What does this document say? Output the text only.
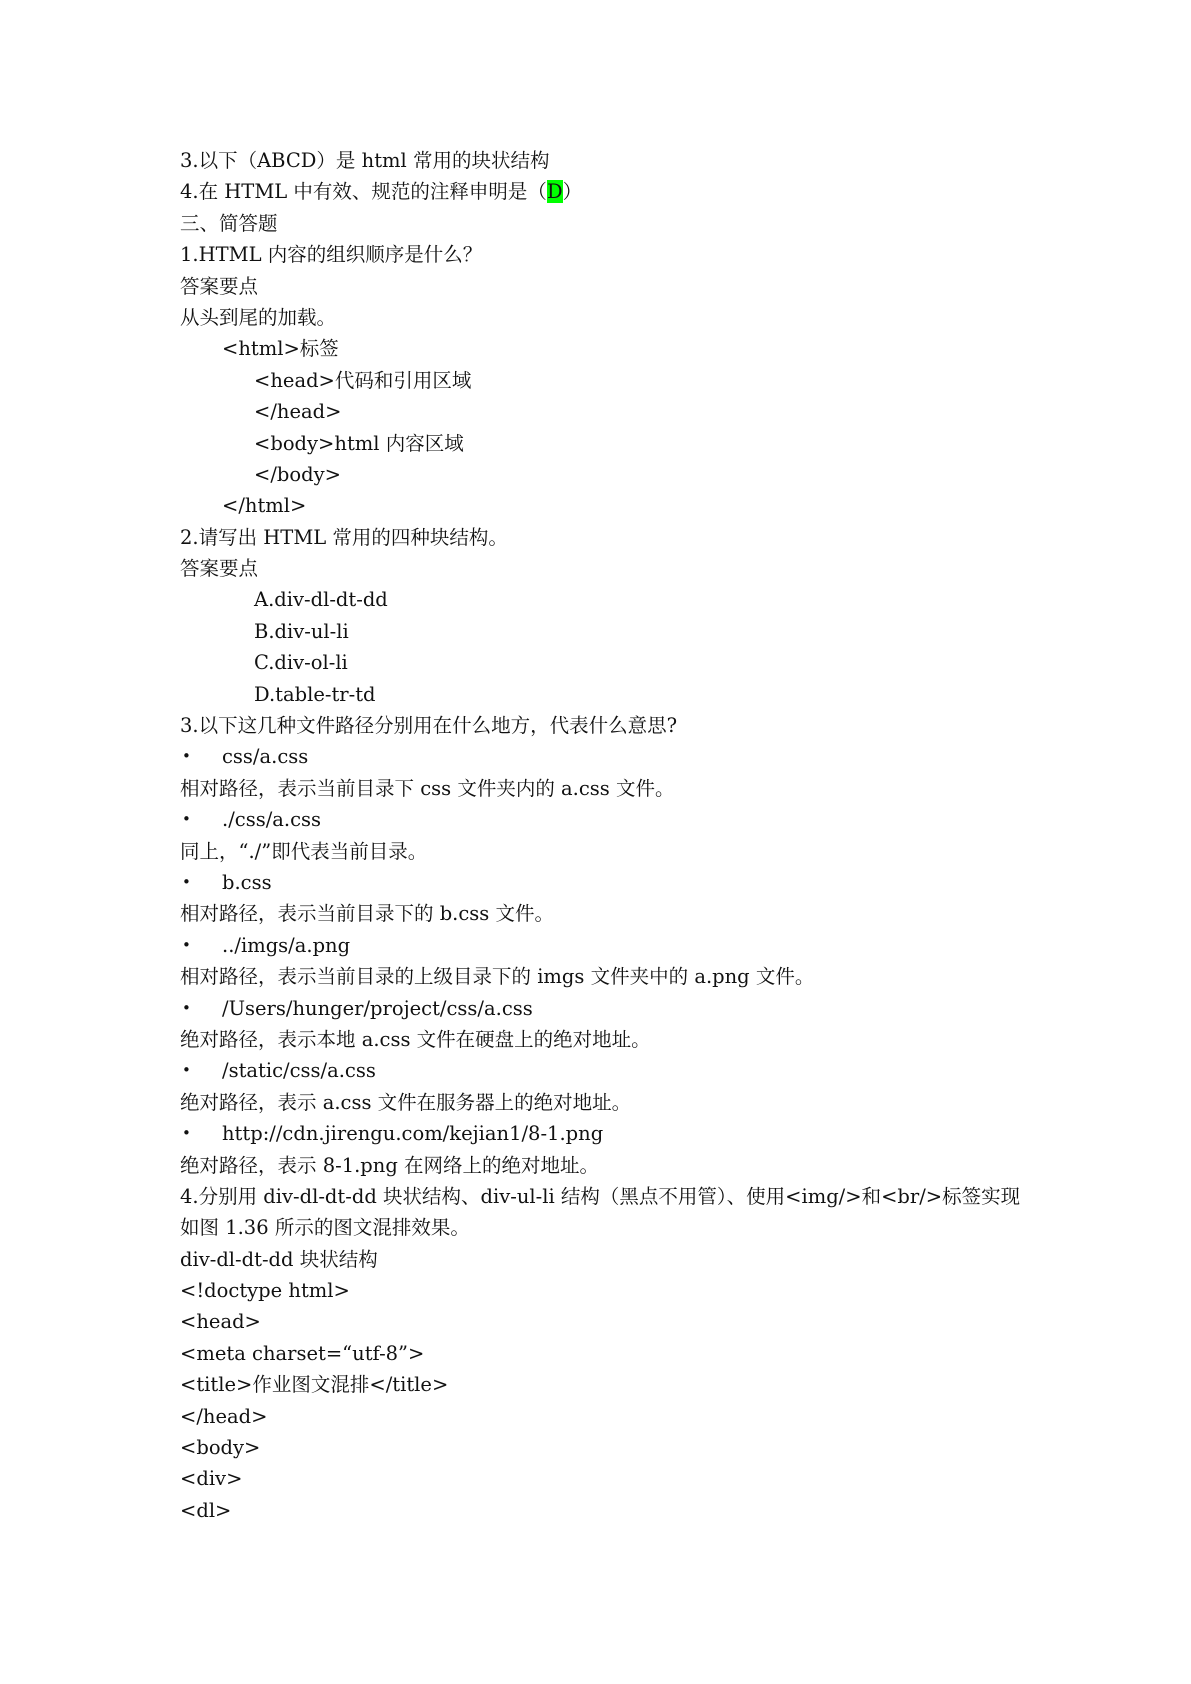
3.以下（ABCD）是 html 常用的块状结构
4.在 HTML 中有效、规范的注释申明是（D）
三、简答题
1.HTML 内容的组织顺序是什么？
答案要点
从头到尾的加载。
<html>标签
<head>代码和引用区域
</head>
<body>html 内容区域
</body>
</html>
2.请写出 HTML 常用的四种块结构。
答案要点
A.div-dl-dt-dd
B.div-ul-li
C.div-ol-li
D.table-tr-td
3.以下这几种文件路径分别用在什么地方，代表什么意思?
•	css/a.css
相对路径，表示当前目录下 css 文件夹内的 a.css 文件。
•	./css/a.css
同上，“./”即代表当前目录。
•	b.css
相对路径，表示当前目录下的 b.css 文件。
•	../imgs/a.png
相对路径，表示当前目录的上级目录下的 imgs 文件夹中的 a.png 文件。
•	/Users/hunger/project/css/a.css
绝对路径，表示本地 a.css 文件在硬盘上的绝对地址。
•	/static/css/a.css
绝对路径，表示 a.css 文件在服务器上的绝对地址。
•	http://cdn.jirengu.com/kejian1/8-1.png
绝对路径，表示 8-1.png 在网络上的绝对地址。
4.分别用 div-dl-dt-dd 块状结构、div-ul-li 结构（黑点不用管）、使用<img/>和<br/>标签实现
如图 1.36 所示的图文混排效果。
div-dl-dt-dd 块状结构
<!doctype html>
<head>
<meta charset=“utf-8”>
<title>作业图文混排</title>
</head>
<body>
<div>
<dl>
